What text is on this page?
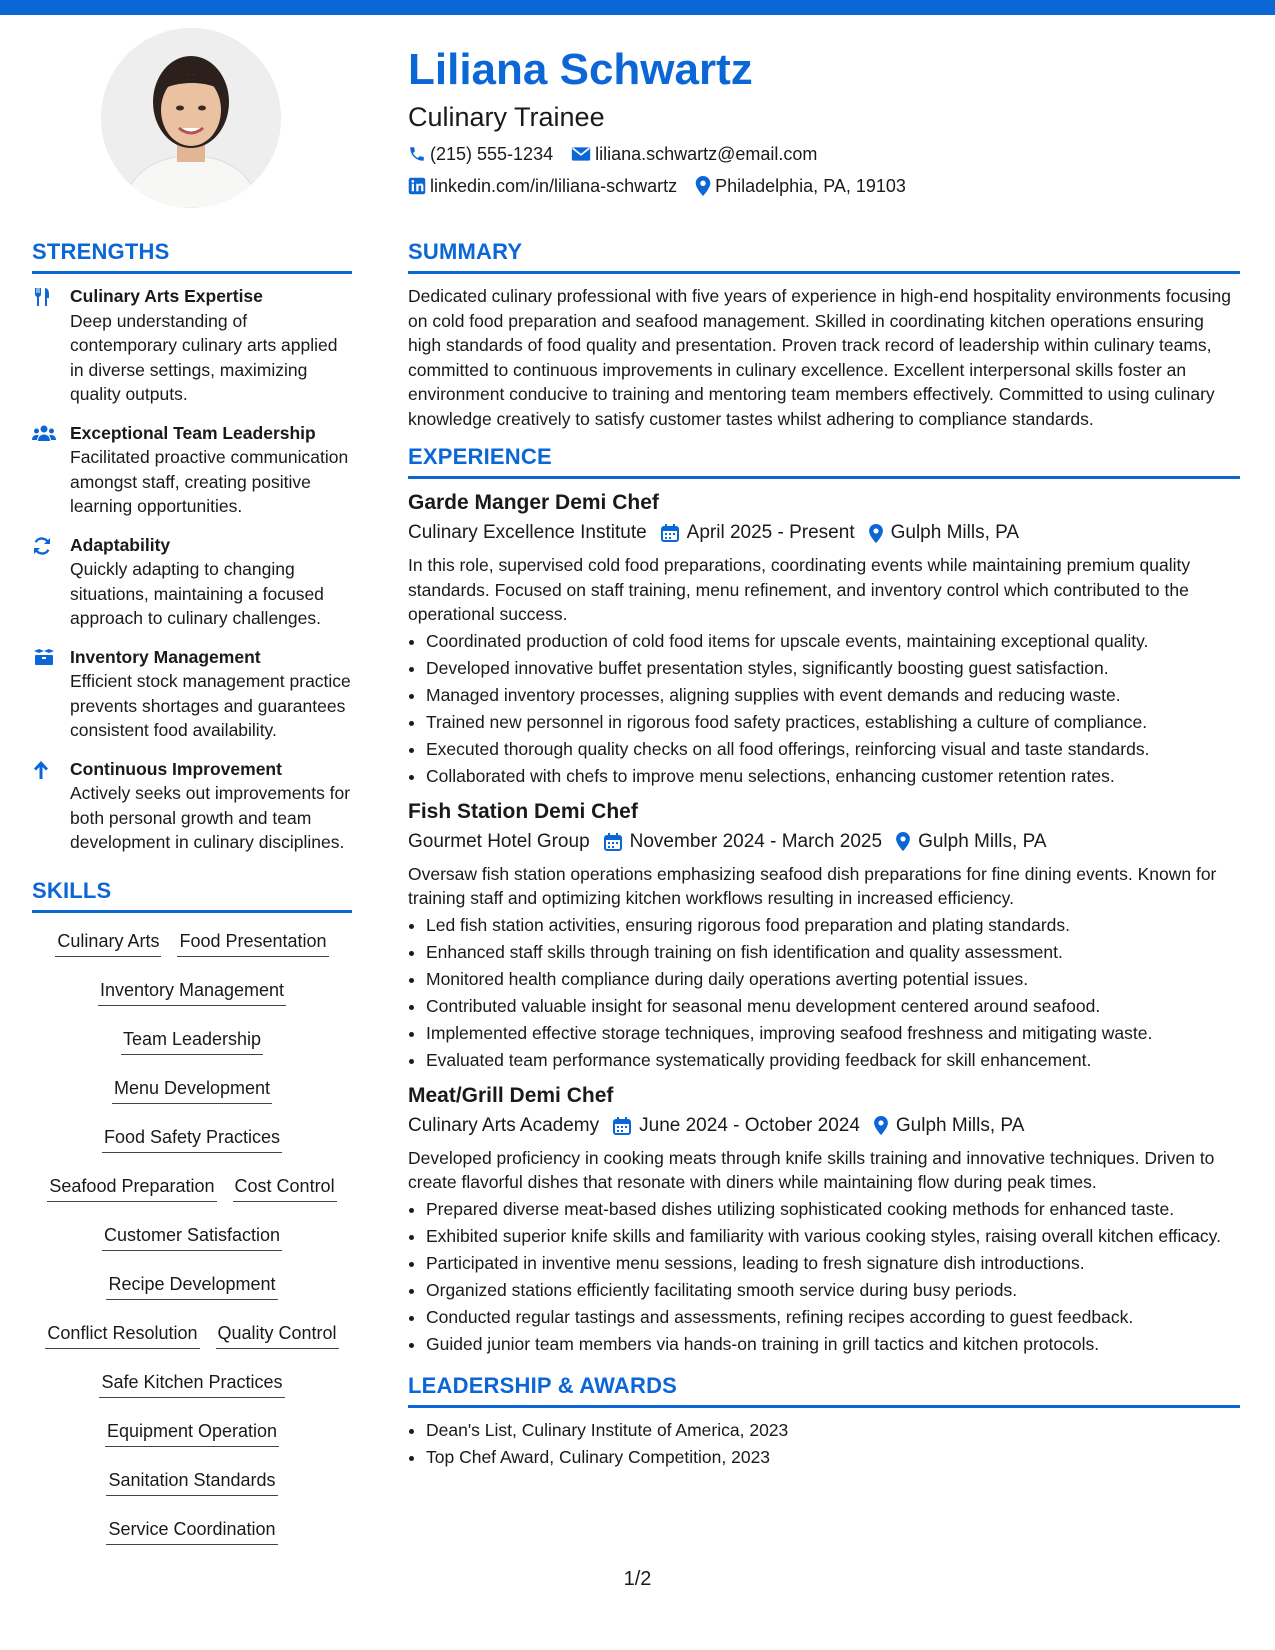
Liliana Schwartz
Culinary Trainee
(215) 555-1234 liliana.schwartz@email.com
linkedin.com/in/liliana-schwartz Philadelphia, PA, 19103
STRENGTHS
Culinary Arts Expertise
Deep understanding of contemporary culinary arts applied in diverse settings, maximizing quality outputs.
Exceptional Team Leadership
Facilitated proactive communication amongst staff, creating positive learning opportunities.
Adaptability
Quickly adapting to changing situations, maintaining a focused approach to culinary challenges.
Inventory Management
Efficient stock management practice prevents shortages and guarantees consistent food availability.
Continuous Improvement
Actively seeks out improvements for both personal growth and team development in culinary disciplines.
SKILLS
Culinary Arts Food Presentation
Inventory Management
Team Leadership
Menu Development
Food Safety Practices
Seafood Preparation Cost Control
Customer Satisfaction
Recipe Development
Conflict Resolution Quality Control
Safe Kitchen Practices
Equipment Operation
Sanitation Standards
Service Coordination
SUMMARY

Dedicated culinary professional with five years of experience in high-end hospitality environments focusing on cold food preparation and seafood management. Skilled in coordinating kitchen operations ensuring high standards of food quality and presentation. Proven track record of leadership within culinary teams, committed to continuous improvements in culinary excellence. Excellent interpersonal skills foster an environment conducive to training and mentoring team members effectively. Committed to using culinary knowledge creatively to satisfy customer tastes whilst adhering to compliance standards.

EXPERIENCE
Garde Manger Demi Chef
Culinary Excellence Institute April 2025 - Present Gulph Mills, PA
In this role, supervised cold food preparations, coordinating events while maintaining premium quality standards. Focused on staff training, menu refinement, and inventory control which contributed to the operational success.
• Coordinated production of cold food items for upscale events, maintaining exceptional quality.
• Developed innovative buffet presentation styles, significantly boosting guest satisfaction.
• Managed inventory processes, aligning supplies with event demands and reducing waste.
• Trained new personnel in rigorous food safety practices, establishing a culture of compliance.
• Executed thorough quality checks on all food offerings, reinforcing visual and taste standards.
• Collaborated with chefs to improve menu selections, enhancing customer retention rates.
Fish Station Demi Chef
Gourmet Hotel Group November 2024 - March 2025 Gulph Mills, PA
Oversaw fish station operations emphasizing seafood dish preparations for fine dining events. Known for training staff and optimizing kitchen workflows resulting in increased efficiency.
• Led fish station activities, ensuring rigorous food preparation and plating standards.
• Enhanced staff skills through training on fish identification and quality assessment.
• Monitored health compliance during daily operations averting potential issues.
• Contributed valuable insight for seasonal menu development centered around seafood.
• Implemented effective storage techniques, improving seafood freshness and mitigating waste.
• Evaluated team performance systematically providing feedback for skill enhancement.
Meat/Grill Demi Chef
Culinary Arts Academy June 2024 - October 2024 Gulph Mills, PA
Developed proficiency in cooking meats through knife skills training and innovative techniques. Driven to create flavorful dishes that resonate with diners while maintaining flow during peak times.
• Prepared diverse meat-based dishes utilizing sophisticated cooking methods for enhanced taste.
• Exhibited superior knife skills and familiarity with various cooking styles, raising overall kitchen efficacy.
• Participated in inventive menu sessions, leading to fresh signature dish introductions.
• Organized stations efficiently facilitating smooth service during busy periods.
• Conducted regular tastings and assessments, refining recipes according to guest feedback.
• Guided junior team members via hands-on training in grill tactics and kitchen protocols.
LEADERSHIP & AWARDS
• Dean's List, Culinary Institute of America, 2023
• Top Chef Award, Culinary Competition, 2023
1/2
